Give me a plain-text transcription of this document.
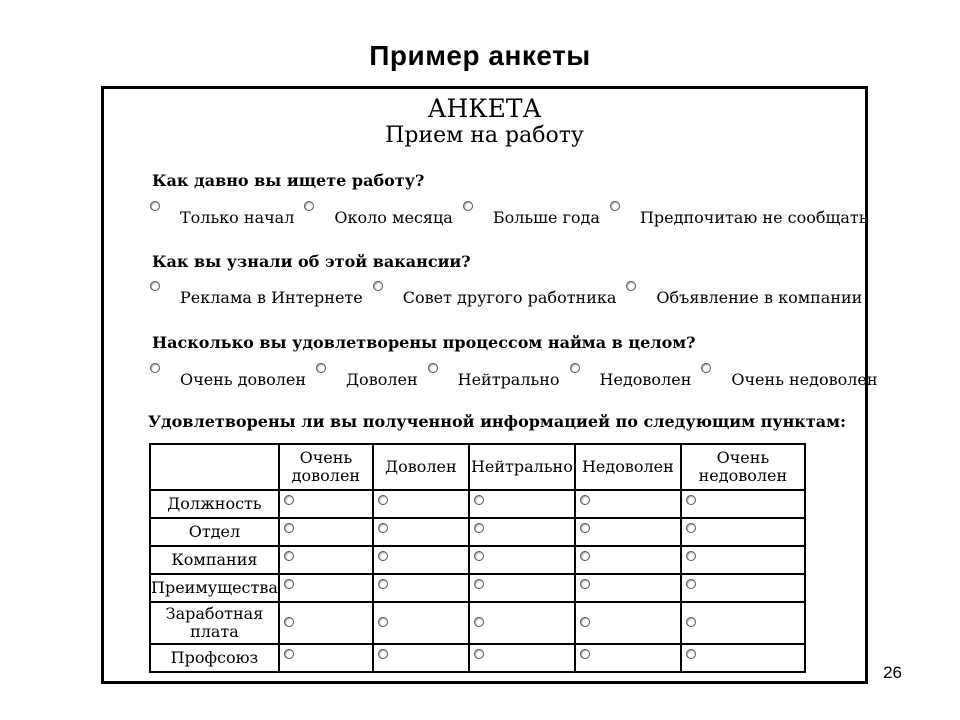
Пример анкеты
АНКЕТА
Прием на работу
Как давно вы ищете работу?
Только начал	Около месяца	Больше года	Предпочитаю не сообщать
Как вы узнали об этой вакансии?
Реклама в Интернете	Совет другого работника	Объявление в компании
Насколько вы удовлетворены процессом найма в целом?
Очень доволен	Доволен	Нейтрально	Недоволен	Очень недоволен
Удовлетворены ли вы полученной информацией по следующим пунктам:
	Очень доволен	Доволен	Нейтрально	Недоволен	Очень недоволен
Должность	

Отдел	

Компания	

Преимущества	

Заработная плата	

Профсоюз	

26
